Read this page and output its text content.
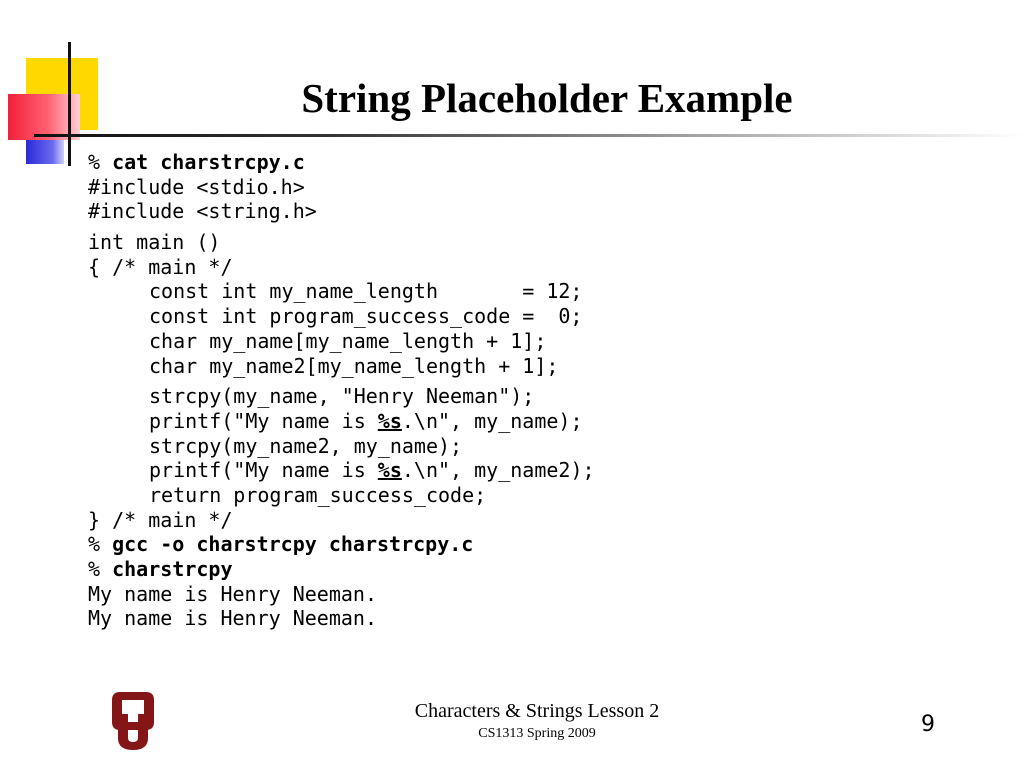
String Placeholder Example
% cat charstrcpy.c
#include <stdio.h>
#include <string.h>
int main ()
{ /* main */
const int my_name_length       = 12;
const int program_success_code =  0;
char my_name[my_name_length + 1];
char my_name2[my_name_length + 1];
strcpy(my_name, "Henry Neeman");
printf("My name is %s.\n", my_name);
strcpy(my_name2, my_name);
printf("My name is %s.\n", my_name2);
return program_success_code;
} /* main */
% gcc -o charstrcpy charstrcpy.c
% charstrcpy
My name is Henry Neeman.
My name is Henry Neeman.
Characters & Strings Lesson 2
CS1313 Spring 2009	9
